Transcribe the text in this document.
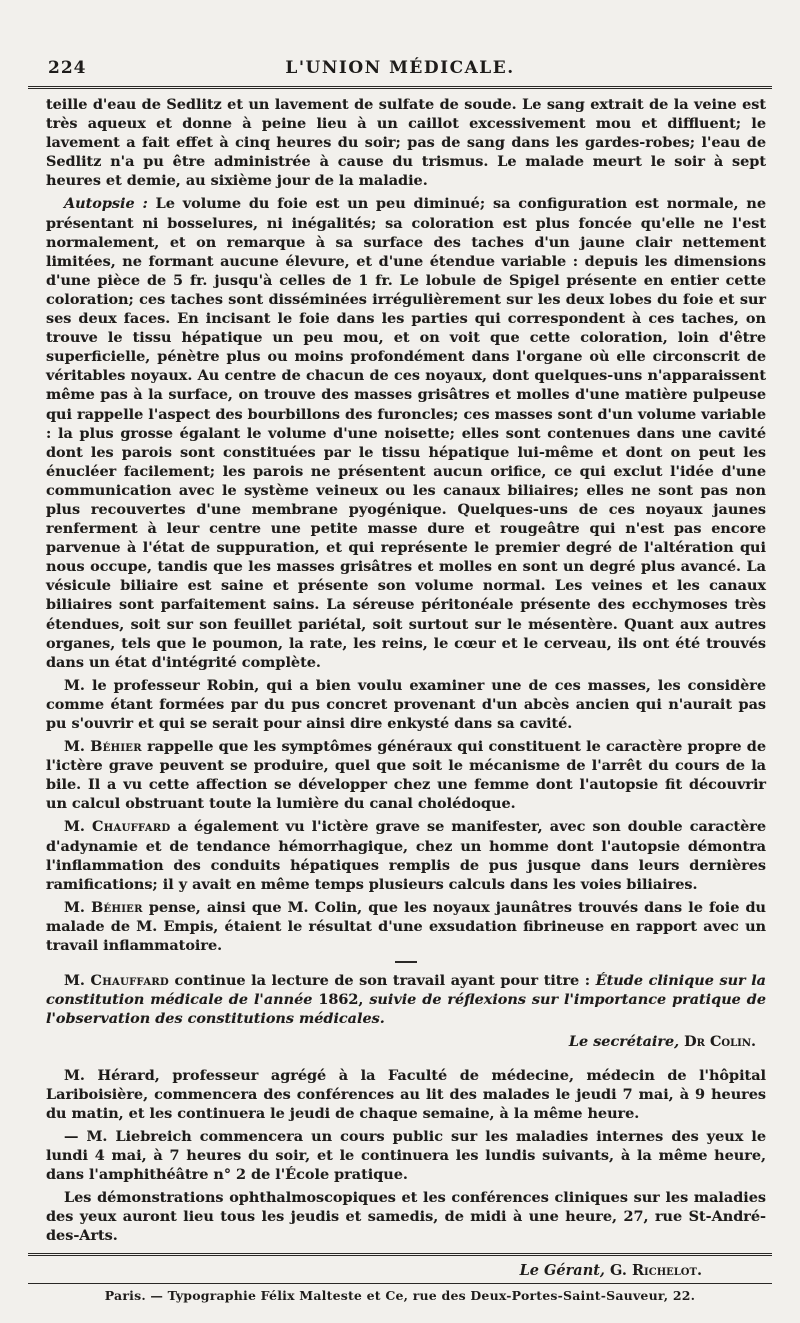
224	L'UNION MÉDICALE.

teille d'eau de Sedlitz et un lavement de sulfate de soude. Le sang extrait de la veine est très aqueux et donne à peine lieu à un caillot excessivement mou et diffluent; le lavement a fait effet à cinq heures du soir; pas de sang dans les gardes-robes; l'eau de Sedlitz n'a pu être administrée à cause du trismus. Le malade meurt le soir à sept heures et demie, au sixième jour de la maladie.

Autopsie : Le volume du foie est un peu diminué; sa configuration est normale, ne présentant ni bosselures, ni inégalités; sa coloration est plus foncée qu'elle ne l'est normalement, et on remarque à sa surface des taches d'un jaune clair nettement limitées, ne formant aucune élevure, et d'une étendue variable : depuis les dimensions d'une pièce de 5 fr. jusqu'à celles de 1 fr. Le lobule de Spigel présente en entier cette coloration; ces taches sont disséminées irrégulièrement sur les deux lobes du foie et sur ses deux faces. En incisant le foie dans les parties qui correspondent à ces taches, on trouve le tissu hépatique un peu mou, et on voit que cette coloration, loin d'être superficielle, pénètre plus ou moins profondément dans l'organe où elle circonscrit de véritables noyaux. Au centre de chacun de ces noyaux, dont quelques-uns n'apparaissent même pas à la surface, on trouve des masses grisâtres et molles d'une matière pulpeuse qui rappelle l'aspect des bourbillons des furoncles; ces masses sont d'un volume variable : la plus grosse égalant le volume d'une noisette; elles sont contenues dans une cavité dont les parois sont constituées par le tissu hépatique lui-même et dont on peut les énucléer facilement; les parois ne présentent aucun orifice, ce qui exclut l'idée d'une communication avec le système veineux ou les canaux biliaires; elles ne sont pas non plus recouvertes d'une membrane pyogénique. Quelques-uns de ces noyaux jaunes renferment à leur centre une petite masse dure et rougeâtre qui n'est pas encore parvenue à l'état de suppuration, et qui représente le premier degré de l'altération qui nous occupe, tandis que les masses grisâtres et molles en sont un degré plus avancé. La vésicule biliaire est saine et présente son volume normal. Les veines et les canaux biliaires sont parfaitement sains. La séreuse péritonéale présente des ecchymoses très étendues, soit sur son feuillet pariétal, soit surtout sur le mésentère. Quant aux autres organes, tels que le poumon, la rate, les reins, le cœur et le cerveau, ils ont été trouvés dans un état d'intégrité complète.

M. le professeur Robin, qui a bien voulu examiner une de ces masses, les considère comme étant formées par du pus concret provenant d'un abcès ancien qui n'aurait pas pu s'ouvrir et qui se serait pour ainsi dire enkysté dans sa cavité.

M. Béhier rappelle que les symptômes généraux qui constituent le caractère propre de l'ictère grave peuvent se produire, quel que soit le mécanisme de l'arrêt du cours de la bile. Il a vu cette affection se développer chez une femme dont l'autopsie fit découvrir un calcul obstruant toute la lumière du canal cholédoque.

M. Chauffard a également vu l'ictère grave se manifester, avec son double caractère d'adynamie et de tendance hémorrhagique, chez un homme dont l'autopsie démontra l'inflammation des conduits hépatiques remplis de pus jusque dans leurs dernières ramifications; il y avait en même temps plusieurs calculs dans les voies biliaires.

M. Béhier pense, ainsi que M. Colin, que les noyaux jaunâtres trouvés dans le foie du malade de M. Empis, étaient le résultat d'une exsudation fibrineuse en rapport avec un travail inflammatoire.

M. Chauffard continue la lecture de son travail ayant pour titre : Étude clinique sur la constitution médicale de l'année 1862, suivie de réflexions sur l'importance pratique de l'observation des constitutions médicales.

Le secrétaire, Dr Colin.

M. Hérard, professeur agrégé à la Faculté de médecine, médecin de l'hôpital Lariboisière, commencera des conférences au lit des malades le jeudi 7 mai, à 9 heures du matin, et les continuera le jeudi de chaque semaine, à la même heure.

— M. Liebreich commencera un cours public sur les maladies internes des yeux le lundi 4 mai, à 7 heures du soir, et le continuera les lundis suivants, à la même heure, dans l'amphithéâtre n° 2 de l'École pratique.

Les démonstrations ophthalmoscopiques et les conférences cliniques sur les maladies des yeux auront lieu tous les jeudis et samedis, de midi à une heure, 27, rue St-André-des-Arts.

Le Gérant, G. Richelot.
Paris. — Typographie Félix Malteste et Ce, rue des Deux-Portes-Saint-Sauveur, 22.
